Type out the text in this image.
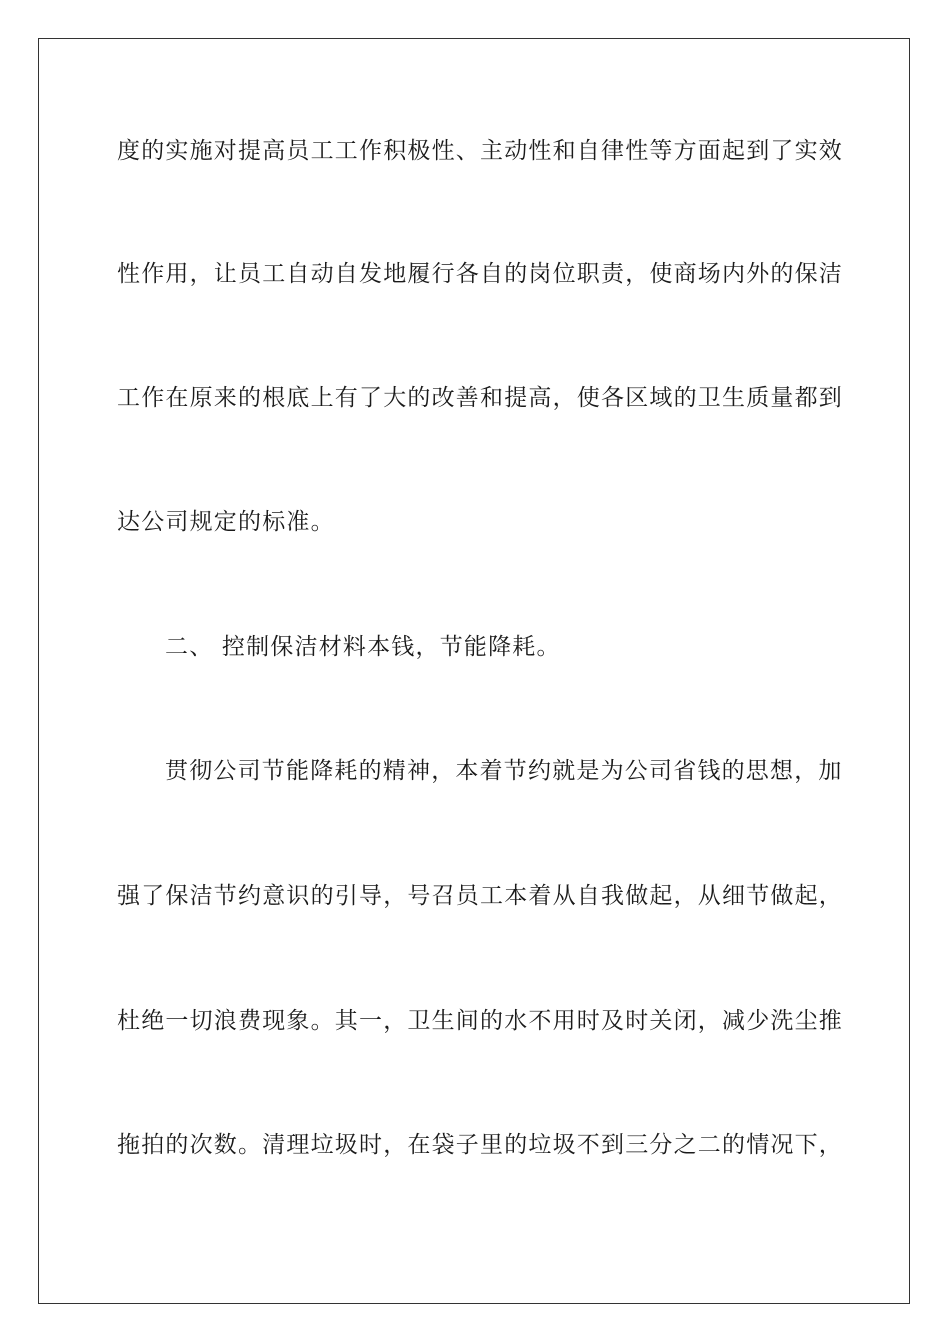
度的实施对提高员工工作积极性、主动性和自律性等方面起到了实效
性作用，让员工自动自发地履行各自的岗位职责，使商场内外的保洁
工作在原来的根底上有了大的改善和提高，使各区域的卫生质量都到
达公司规定的标准。
二、 控制保洁材料本钱，节能降耗。
贯彻公司节能降耗的精神，本着节约就是为公司省钱的思想，加
强了保洁节约意识的引导，号召员工本着从自我做起，从细节做起，
杜绝一切浪费现象。其一，卫生间的水不用时及时关闭，减少洗尘推
拖拍的次数。清理垃圾时，在袋子里的垃圾不到三分之二的情况下，
